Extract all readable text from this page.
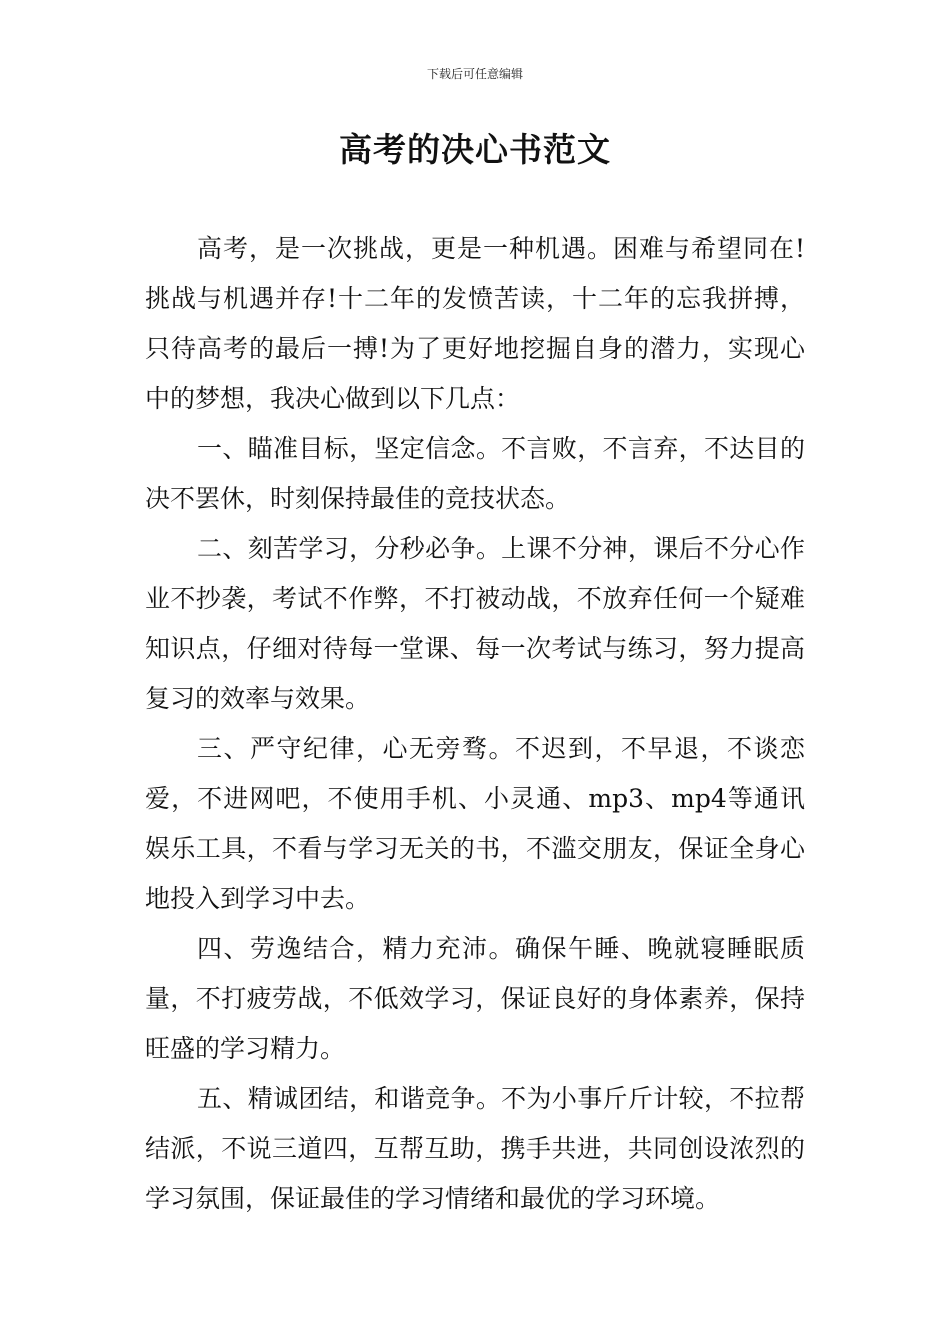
下载后可任意编辑
高考的决心书范文

高考，是一次挑战，更是一种机遇。困难与希望同在!挑战与机遇并存!十二年的发愤苦读，十二年的忘我拼搏，只待高考的最后一搏!为了更好地挖掘自身的潜力，实现心中的梦想，我决心做到以下几点：

一、瞄准目标，坚定信念。不言败，不言弃，不达目的决不罢休，时刻保持最佳的竞技状态。

二、刻苦学习，分秒必争。上课不分神，课后不分心作业不抄袭，考试不作弊，不打被动战，不放弃任何一个疑难知识点，仔细对待每一堂课、每一次考试与练习，努力提高复习的效率与效果。

三、严守纪律，心无旁骛。不迟到，不早退，不谈恋爱，不进网吧，不使用手机、小灵通、mp3、mp4等通讯娱乐工具，不看与学习无关的书，不滥交朋友，保证全身心地投入到学习中去。

四、劳逸结合，精力充沛。确保午睡、晚就寝睡眠质量，不打疲劳战，不低效学习，保证良好的身体素养，保持旺盛的学习精力。

五、精诚团结，和谐竞争。不为小事斤斤计较，不拉帮结派，不说三道四，互帮互助，携手共进，共同创设浓烈的学习氛围，保证最佳的学习情绪和最优的学习环境。
